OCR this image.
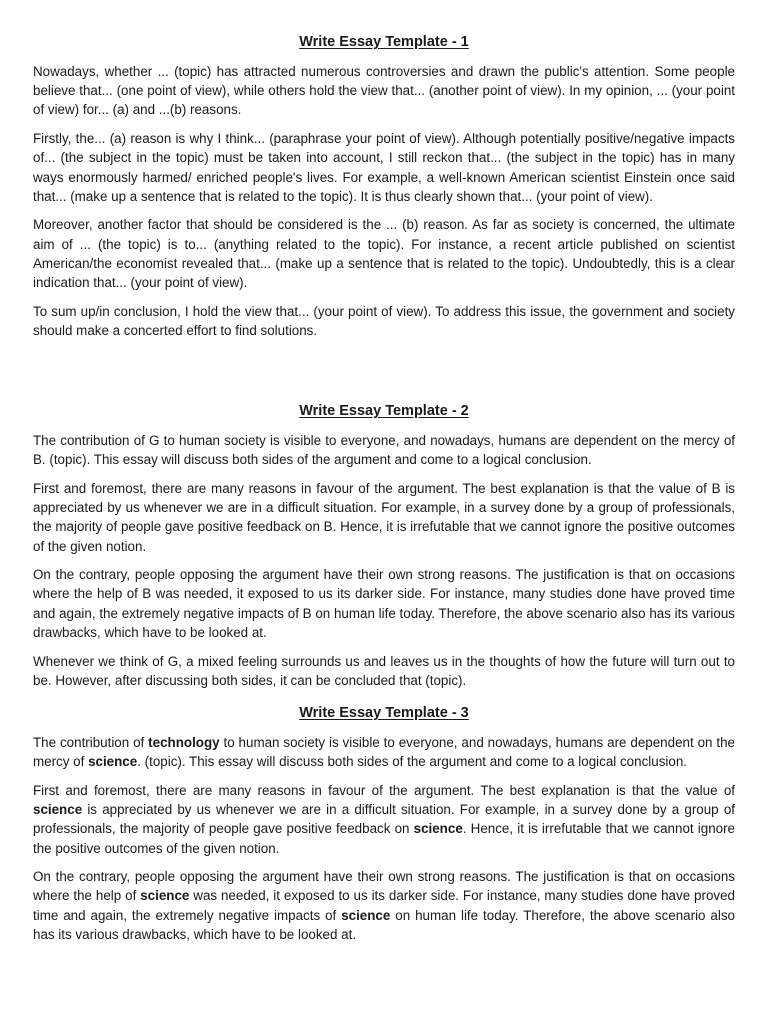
Write Essay Template - 1

Nowadays, whether ... (topic) has attracted numerous controversies and drawn the public's attention. Some people believe that... (one point of view), while others hold the view that... (another point of view). In my opinion, ... (your point of view) for... (a) and ...(b) reasons.

Firstly, the... (a) reason is why I think... (paraphrase your point of view). Although potentially positive/negative impacts of... (the subject in the topic) must be taken into account, I still reckon that... (the subject in the topic) has in many ways enormously harmed/ enriched people's lives. For example, a well-known American scientist Einstein once said that... (make up a sentence that is related to the topic). It is thus clearly shown that... (your point of view).

Moreover, another factor that should be considered is the ... (b) reason. As far as society is concerned, the ultimate aim of ... (the topic) is to... (anything related to the topic). For instance, a recent article published on scientist American/the economist revealed that... (make up a sentence that is related to the topic). Undoubtedly, this is a clear indication that... (your point of view).

To sum up/in conclusion, I hold the view that... (your point of view). To address this issue, the government and society should make a concerted effort to find solutions.

Write Essay Template - 2

The contribution of G to human society is visible to everyone, and nowadays, humans are dependent on the mercy of B. (topic). This essay will discuss both sides of the argument and come to a logical conclusion.

First and foremost, there are many reasons in favour of the argument. The best explanation is that the value of B is appreciated by us whenever we are in a difficult situation. For example, in a survey done by a group of professionals, the majority of people gave positive feedback on B. Hence, it is irrefutable that we cannot ignore the positive outcomes of the given notion.

On the contrary, people opposing the argument have their own strong reasons. The justification is that on occasions where the help of B was needed, it exposed to us its darker side. For instance, many studies done have proved time and again, the extremely negative impacts of B on human life today. Therefore, the above scenario also has its various drawbacks, which have to be looked at.

Whenever we think of G, a mixed feeling surrounds us and leaves us in the thoughts of how the future will turn out to be. However, after discussing both sides, it can be concluded that (topic).

Write Essay Template - 3

The contribution of technology to human society is visible to everyone, and nowadays, humans are dependent on the mercy of science. (topic). This essay will discuss both sides of the argument and come to a logical conclusion.

First and foremost, there are many reasons in favour of the argument. The best explanation is that the value of science is appreciated by us whenever we are in a difficult situation. For example, in a survey done by a group of professionals, the majority of people gave positive feedback on science. Hence, it is irrefutable that we cannot ignore the positive outcomes of the given notion.

On the contrary, people opposing the argument have their own strong reasons. The justification is that on occasions where the help of science was needed, it exposed to us its darker side. For instance, many studies done have proved time and again, the extremely negative impacts of science on human life today. Therefore, the above scenario also has its various drawbacks, which have to be looked at.
